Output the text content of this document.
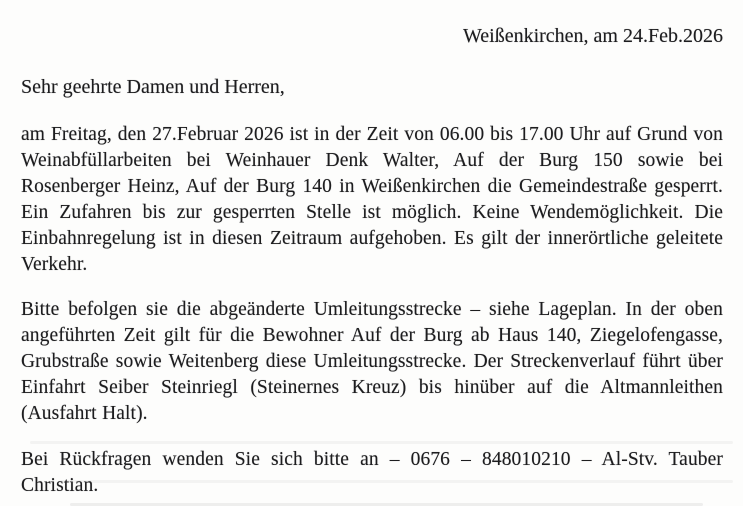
Weißenkirchen, am 24.Feb.2026
Sehr geehrte Damen und Herren,

am Freitag, den 27.Februar 2026 ist in der Zeit von 06.00 bis 17.00 Uhr auf Grund von Weinabfüllarbeiten bei Weinhauer Denk Walter, Auf der Burg 150 sowie bei Rosenberger Heinz, Auf der Burg 140 in Weißenkirchen die Gemeindestraße gesperrt. Ein Zufahren bis zur gesperrten Stelle ist möglich. Keine Wendemöglichkeit. Die Einbahnregelung ist in diesen Zeitraum aufgehoben. Es gilt der innerörtliche geleitete Verkehr.

Bitte befolgen sie die abgeänderte Umleitungsstrecke – siehe Lageplan. In der oben angeführten Zeit gilt für die Bewohner Auf der Burg ab Haus 140, Ziegelofengasse, Grubstraße sowie Weitenberg diese Umleitungsstrecke. Der Streckenverlauf führt über Einfahrt Seiber Steinriegl (Steinernes Kreuz) bis hinüber auf die Altmannleithen (Ausfahrt Halt).

Bei Rückfragen wenden Sie sich bitte an – 0676 – 848010210 – Al-Stv. Tauber Christian.
